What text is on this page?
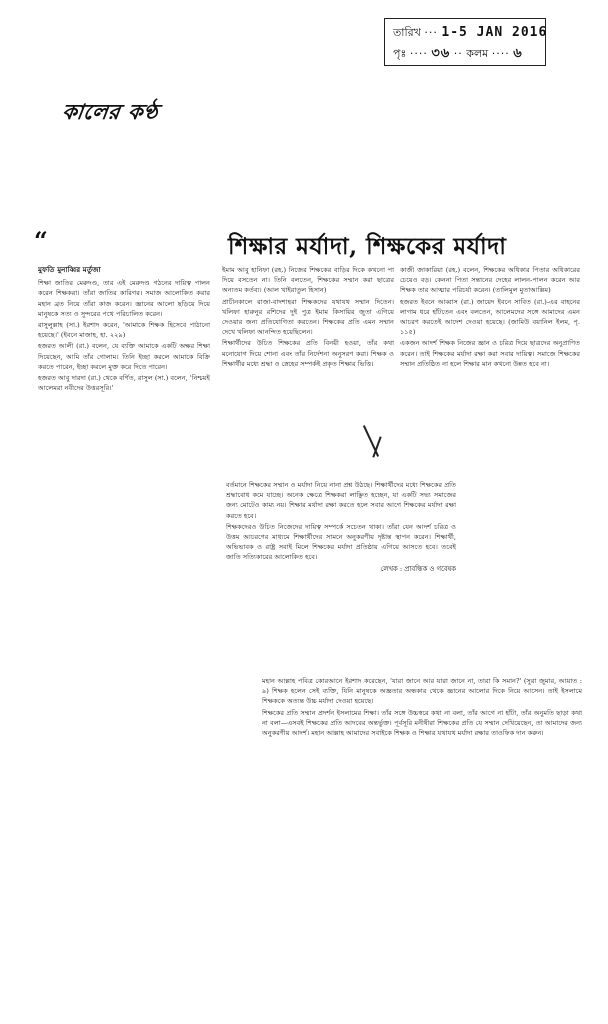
তারিখ ··· 1-5 JAN 2016
পৃঃ ···· ৩৬ ·· কলম ···· ৬
কালের কণ্ঠ
“	শিক্ষার মর্যাদা, শিক্ষকের মর্যাদা

মুফতি মুনাব্বির মর্তুজা

শিক্ষা জাতির মেরুদণ্ড, তার এই মেরুদণ্ড গঠনের দায়িত্ব পালন করেন শিক্ষকরা। তাঁরা জাতির কারিগর। সমাজ আলোকিত করার মহান ব্রত নিয়ে তাঁরা কাজ করেন। জ্ঞানের আলো ছড়িয়ে দিয়ে মানুষকে সত্য ও সুন্দরের পথে পরিচালিত করেন।

রাসুলুল্লাহ (সা.) ইরশাদ করেন, 'আমাকে শিক্ষক হিসেবে পাঠানো হয়েছে।' (ইবনে মাজাহ, হা. ২২৯)

হজরত আলী (রা.) বলেন, যে ব্যক্তি আমাকে একটি অক্ষর শিক্ষা দিয়েছেন, আমি তাঁর গোলাম। তিনি ইচ্ছা করলে আমাকে বিক্রি করতে পারেন, ইচ্ছা করলে মুক্ত করে দিতে পারেন।

হজরত আবু দারদা (রা.) থেকে বর্ণিত, রাসুল (সা.) বলেন, 'নিশ্চয়ই আলেমরা নবীদের উত্তরসূরি।'

ইমাম আবু হানিফা (রহ.) নিজের শিক্ষকের বাড়ির দিকে কখনো পা দিয়ে বসতেন না। তিনি বলতেন, শিক্ষকের সম্মান করা ছাত্রের অন্যতম কর্তব্য। (আল খাইরাতুল হিসান)

প্রাচীনকালে রাজা-বাদশাহরা শিক্ষকদের যথাযথ সম্মান দিতেন। খলিফা হারুনুর রশিদের দুই পুত্র ইমাম কিসায়ির জুতা এগিয়ে দেওয়ার জন্য প্রতিযোগিতা করতেন। শিক্ষকের প্রতি এমন সম্মান দেখে খলিফা আনন্দিত হয়েছিলেন।

শিক্ষার্থীদের উচিত শিক্ষকের প্রতি বিনয়ী হওয়া, তাঁর কথা মনোযোগ দিয়ে শোনা এবং তাঁর নির্দেশনা অনুসরণ করা। শিক্ষক ও শিক্ষার্থীর মধ্যে শ্রদ্ধা ও স্নেহের সম্পর্কই প্রকৃত শিক্ষার ভিত্তি।

কাজী জাকারিয়া (রহ.) বলেন, শিক্ষকের অধিকার পিতার অধিকারের চেয়েও বড়। কেননা পিতা সন্তানের দেহের লালন-পালন করেন আর শিক্ষক তার আত্মার পরিচর্যা করেন। (তালিমুল মুতাআল্লিম)

হজরত ইবনে আব্বাস (রা.) জায়েদ ইবনে সাবিত (রা.)-এর বাহনের লাগাম ধরে হাঁটতেন এবং বলতেন, আলেমদের সঙ্গে আমাদের এমন আচরণ করতেই আদেশ দেওয়া হয়েছে। (জামিউ বয়ানিল ইলম, পৃ. ১১৫)

একজন আদর্শ শিক্ষক নিজের জ্ঞান ও চরিত্র দিয়ে ছাত্রদের অনুপ্রাণিত করেন। তাই শিক্ষকের মর্যাদা রক্ষা করা সবার দায়িত্ব। সমাজে শিক্ষকের সম্মান প্রতিষ্ঠিত না হলে শিক্ষার মান কখনো উন্নত হবে না।

বর্তমানে শিক্ষকের সম্মান ও মর্যাদা নিয়ে নানা প্রশ্ন উঠছে। শিক্ষার্থীদের মধ্যে শিক্ষকের প্রতি শ্রদ্ধাবোধ কমে যাচ্ছে। অনেক ক্ষেত্রে শিক্ষকরা লাঞ্ছিত হচ্ছেন, যা একটি সভ্য সমাজের জন্য মোটেও কাম্য নয়। শিক্ষার মর্যাদা রক্ষা করতে হলে সবার আগে শিক্ষকের মর্যাদা রক্ষা করতে হবে।

শিক্ষকদেরও উচিত নিজেদের দায়িত্ব সম্পর্কে সচেতন থাকা। তাঁরা যেন আদর্শ চরিত্র ও উত্তম আচরণের মাধ্যমে শিক্ষার্থীদের সামনে অনুকরণীয় দৃষ্টান্ত স্থাপন করেন। শিক্ষার্থী, অভিভাবক ও রাষ্ট্র সবাই মিলে শিক্ষকের মর্যাদা প্রতিষ্ঠায় এগিয়ে আসতে হবে। তবেই জাতি সত্যিকারের আলোকিত হবে।

লেখক : প্রাবন্ধিক ও গবেষক

মহান আল্লাহ পবিত্র কোরআনে ইরশাদ করেছেন, 'যারা জানে আর যারা জানে না, তারা কি সমান?' (সুরা জুমার, আয়াত : ৯) শিক্ষক হলেন সেই ব্যক্তি, যিনি মানুষকে অজ্ঞতার অন্ধকার থেকে জ্ঞানের আলোর দিকে নিয়ে আসেন। তাই ইসলামে শিক্ষককে অত্যন্ত উচ্চ মর্যাদা দেওয়া হয়েছে।

শিক্ষকের প্রতি সম্মান প্রদর্শন ইসলামের শিক্ষা। তাঁর সঙ্গে উচ্চস্বরে কথা না বলা, তাঁর আগে না হাঁটা, তাঁর অনুমতি ছাড়া কথা না বলা—এসবই শিক্ষকের প্রতি আদবের অন্তর্ভুক্ত। পূর্বসূরি মনীষীরা শিক্ষকের প্রতি যে সম্মান দেখিয়েছেন, তা আমাদের জন্য অনুকরণীয় আদর্শ। মহান আল্লাহ আমাদের সবাইকে শিক্ষক ও শিক্ষার যথাযথ মর্যাদা রক্ষার তাওফিক দান করুন।
